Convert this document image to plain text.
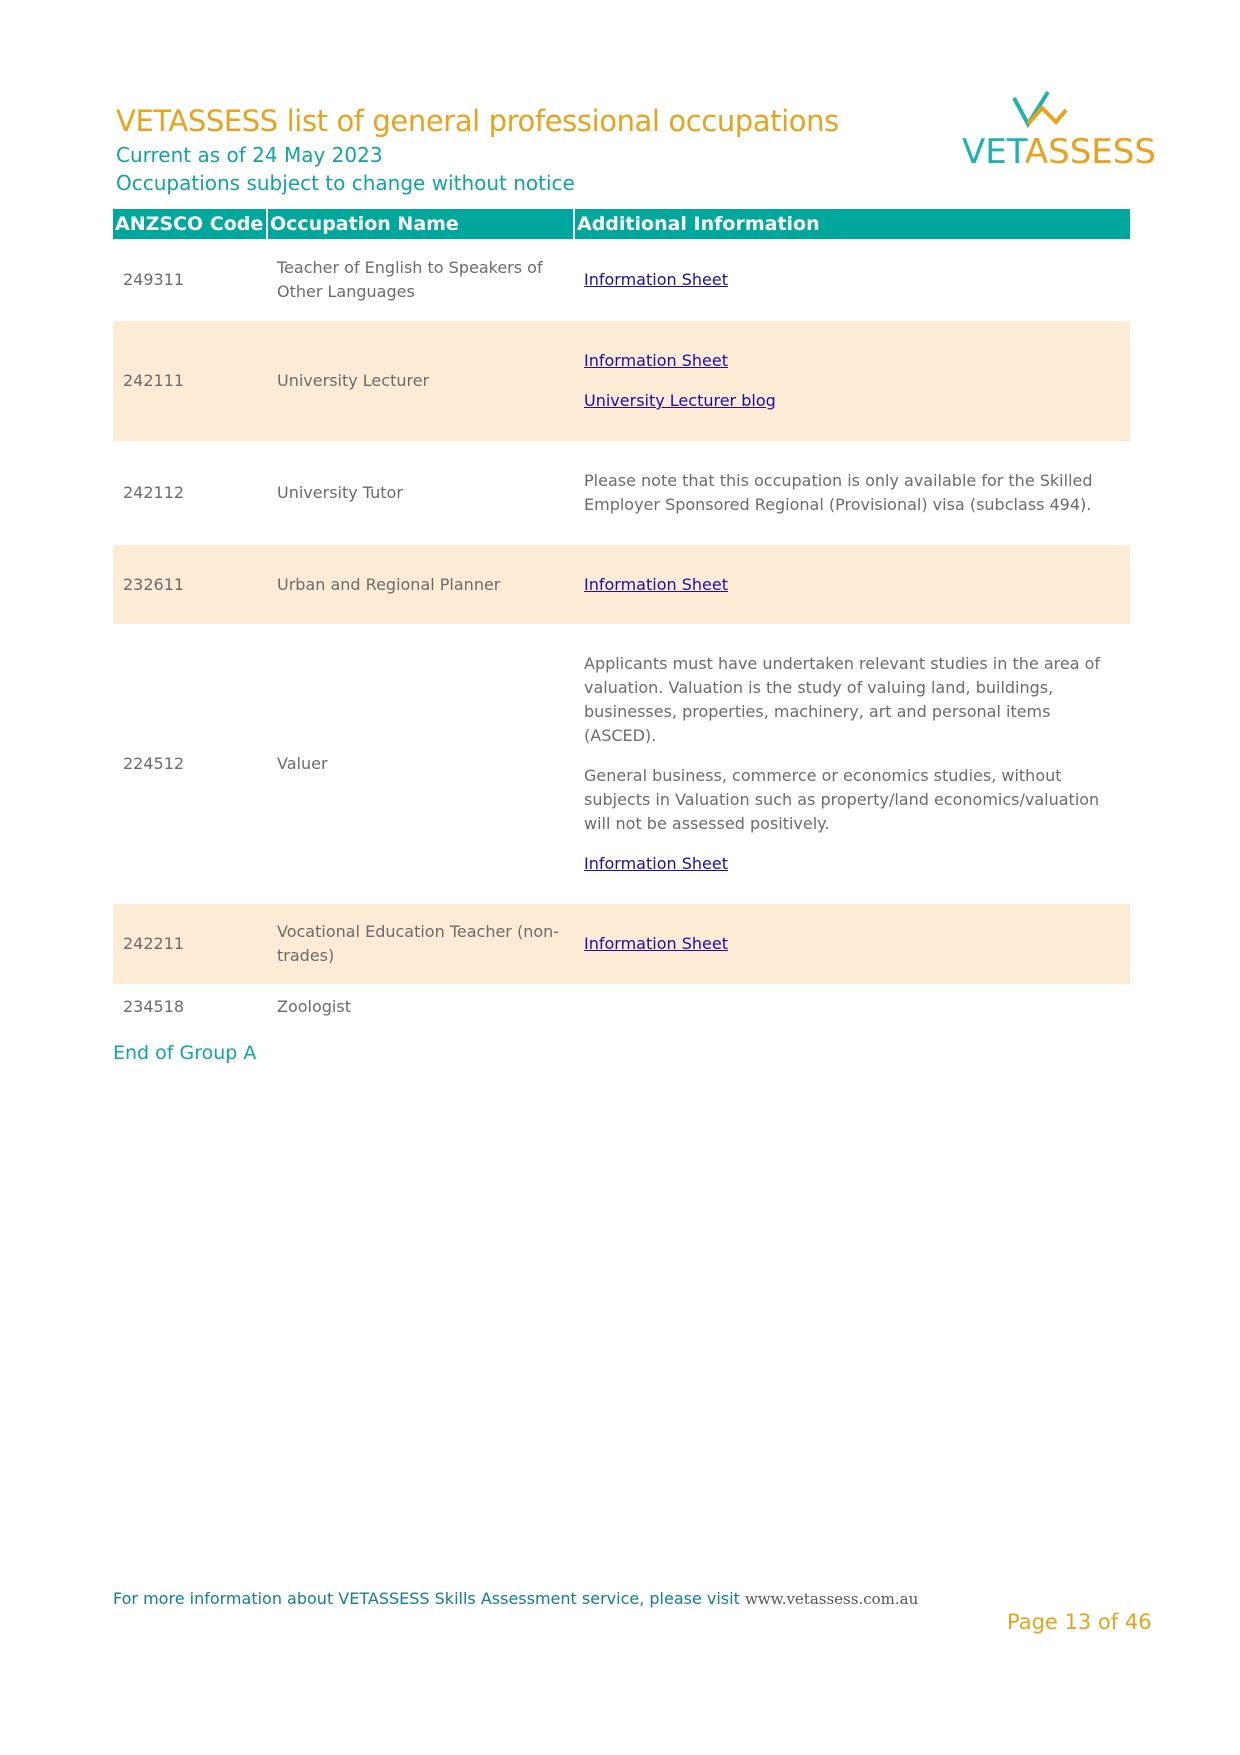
VETASSESS list of general professional occupations
Current as of 24 May 2023
Occupations subject to change without notice
VETASSESS
ANZSCO Code	Occupation Name	Additional Information
249311	Teacher of English to Speakers of Other Languages	Information Sheet

242111	University Lecturer	Information Sheet

University Lecturer blog

242112	University Tutor	Please note that this occupation is only available for the Skilled Employer Sponsored Regional (Provisional) visa (subclass 494).

232611	Urban and Regional Planner	Information Sheet

224512	Valuer	Applicants must have undertaken relevant studies in the area of valuation. Valuation is the study of valuing land, buildings, businesses, properties, machinery, art and personal items (ASCED).

General business, commerce or economics studies, without subjects in Valuation such as property/land economics/valuation will not be assessed positively.

Information Sheet

242211	Vocational Education Teacher (non-trades)	Information Sheet

234518	Zoologist	
End of Group A
For more information about VETASSESS Skills Assessment service, please visit www.vetassess.com.au
Page 13 of 46
